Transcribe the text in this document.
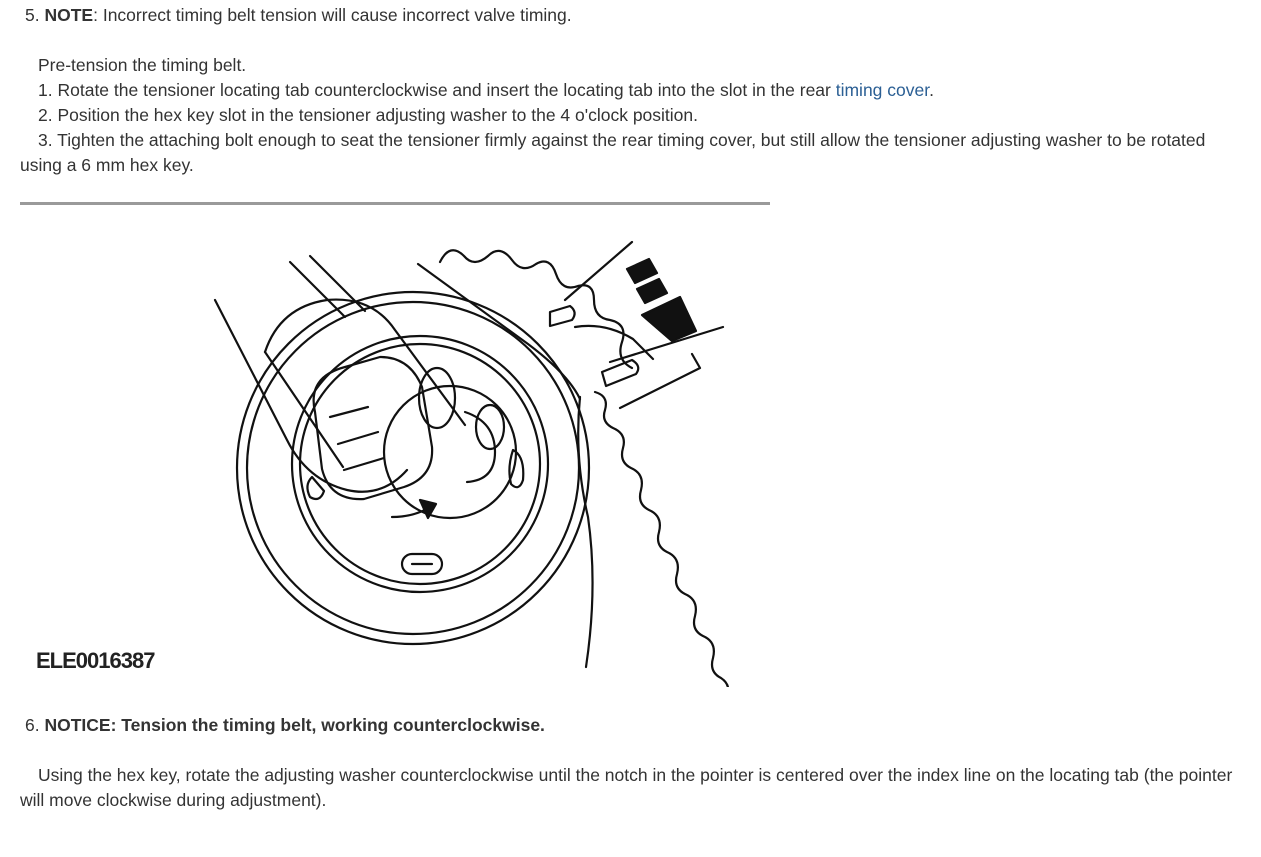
5. NOTE: Incorrect timing belt tension will cause incorrect valve timing.
Pre-tension the timing belt.
1. Rotate the tensioner locating tab counterclockwise and insert the locating tab into the slot in the rear timing cover.
2. Position the hex key slot in the tensioner adjusting washer to the 4 o'clock position.
3. Tighten the attaching bolt enough to seat the tensioner firmly against the rear timing cover, but still allow the tensioner adjusting washer to be rotated using a 6 mm hex key.
ELE0016387
6. NOTICE: Tension the timing belt, working counterclockwise.
Using the hex key, rotate the adjusting washer counterclockwise until the notch in the pointer is centered over the index line on the locating tab (the pointer will move clockwise during adjustment).
